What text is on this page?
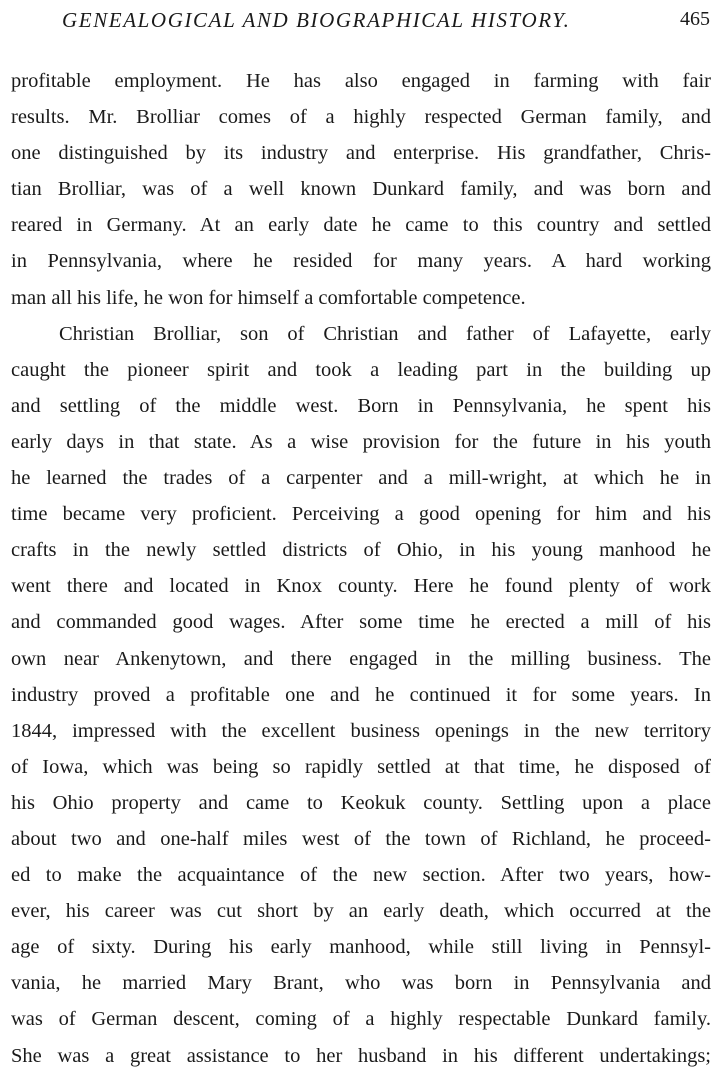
GENEALOGICAL AND BIOGRAPHICAL HISTORY.	465
profitable employment. He has also engaged in farming with fair
results. Mr. Brolliar comes of a highly respected German family, and
one distinguished by its industry and enterprise. His grandfather, Chris-
tian Brolliar, was of a well known Dunkard family, and was born and
reared in Germany. At an early date he came to this country and settled
in Pennsylvania, where he resided for many years. A hard working
man all his life, he won for himself a comfortable competence.
Christian Brolliar, son of Christian and father of Lafayette, early
caught the pioneer spirit and took a leading part in the building up
and settling of the middle west. Born in Pennsylvania, he spent his
early days in that state. As a wise provision for the future in his youth
he learned the trades of a carpenter and a mill-wright, at which he in
time became very proficient. Perceiving a good opening for him and his
crafts in the newly settled districts of Ohio, in his young manhood he
went there and located in Knox county. Here he found plenty of work
and commanded good wages. After some time he erected a mill of his
own near Ankenytown, and there engaged in the milling business. The
industry proved a profitable one and he continued it for some years. In
1844, impressed with the excellent business openings in the new territory
of Iowa, which was being so rapidly settled at that time, he disposed of
his Ohio property and came to Keokuk county. Settling upon a place
about two and one-half miles west of the town of Richland, he proceed-
ed to make the acquaintance of the new section. After two years, how-
ever, his career was cut short by an early death, which occurred at the
age of sixty. During his early manhood, while still living in Pennsyl-
vania, he married Mary Brant, who was born in Pennsylvania and
was of German descent, coming of a highly respectable Dunkard family.
She was a great assistance to her husband in his different undertakings;
